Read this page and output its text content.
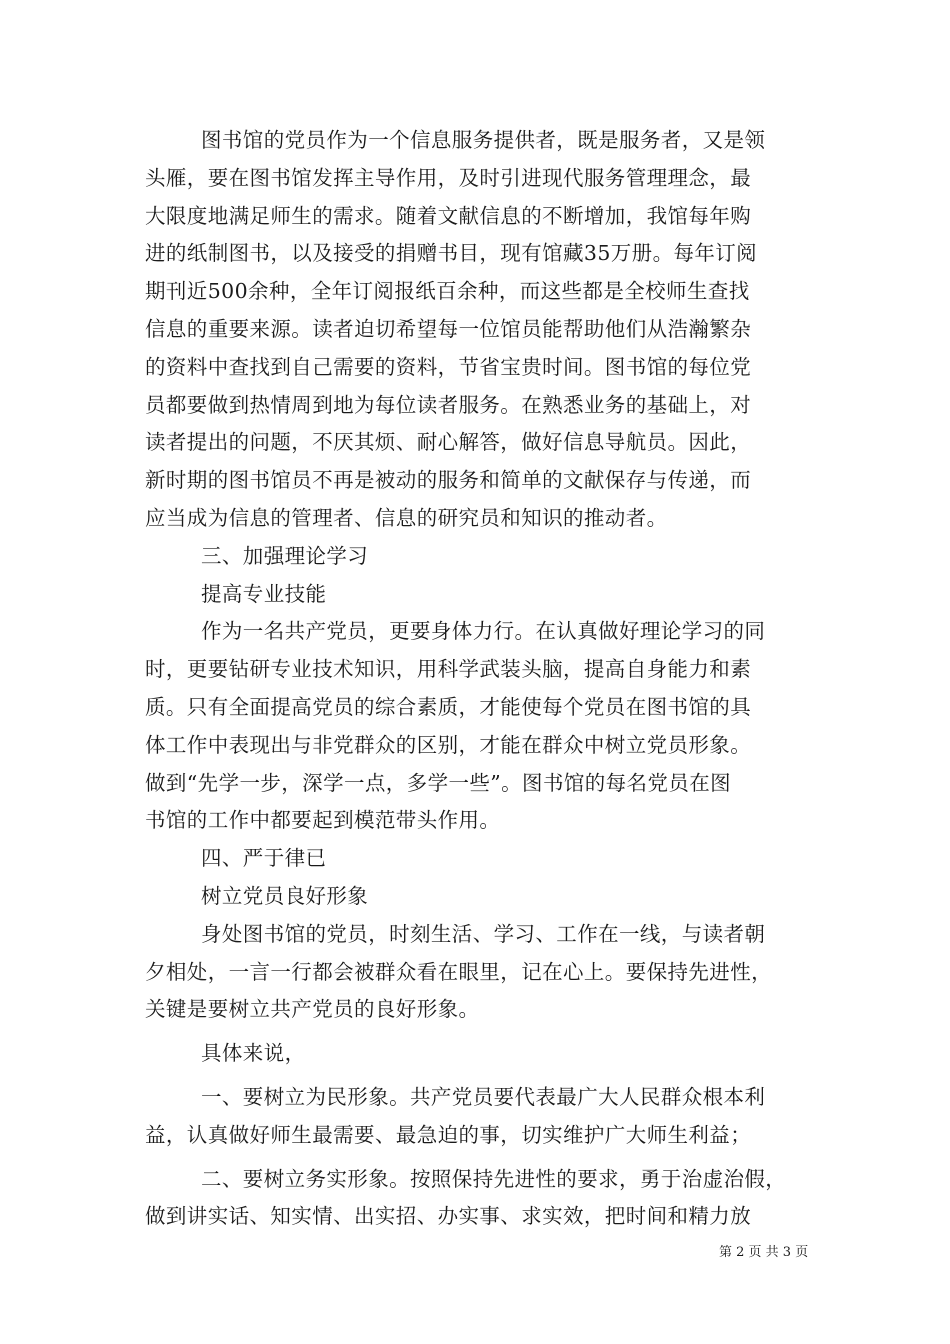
图书馆的党员作为一个信息服务提供者，既是服务者，又是领
头雁，要在图书馆发挥主导作用，及时引进现代服务管理理念，最
大限度地满足师生的需求。随着文献信息的不断增加，我馆每年购
进的纸制图书，以及接受的捐赠书目，现有馆藏35万册。每年订阅
期刊近500余种，全年订阅报纸百余种，而这些都是全校师生查找
信息的重要来源。读者迫切希望每一位馆员能帮助他们从浩瀚繁杂
的资料中查找到自己需要的资料，节省宝贵时间。图书馆的每位党
员都要做到热情周到地为每位读者服务。在熟悉业务的基础上，对
读者提出的问题，不厌其烦、耐心解答，做好信息导航员。因此，
新时期的图书馆员不再是被动的服务和简单的文献保存与传递，而
应当成为信息的管理者、信息的研究员和知识的推动者。
三、加强理论学习
提高专业技能
作为一名共产党员，更要身体力行。在认真做好理论学习的同
时，更要钻研专业技术知识，用科学武装头脑，提高自身能力和素
质。只有全面提高党员的综合素质，才能使每个党员在图书馆的具
体工作中表现出与非党群众的区别，才能在群众中树立党员形象。
做到“先学一步，深学一点，多学一些”。图书馆的每名党员在图
书馆的工作中都要起到模范带头作用。
四、严于律已
树立党员良好形象
身处图书馆的党员，时刻生活、学习、工作在一线，与读者朝
夕相处，一言一行都会被群众看在眼里，记在心上。要保持先进性，
关键是要树立共产党员的良好形象。
具体来说，
一、要树立为民形象。共产党员要代表最广大人民群众根本利
益，认真做好师生最需要、最急迫的事，切实维护广大师生利益；
二、要树立务实形象。按照保持先进性的要求，勇于治虚治假，
做到讲实话、知实情、出实招、办实事、求实效，把时间和精力放
第 2 页 共 3 页
